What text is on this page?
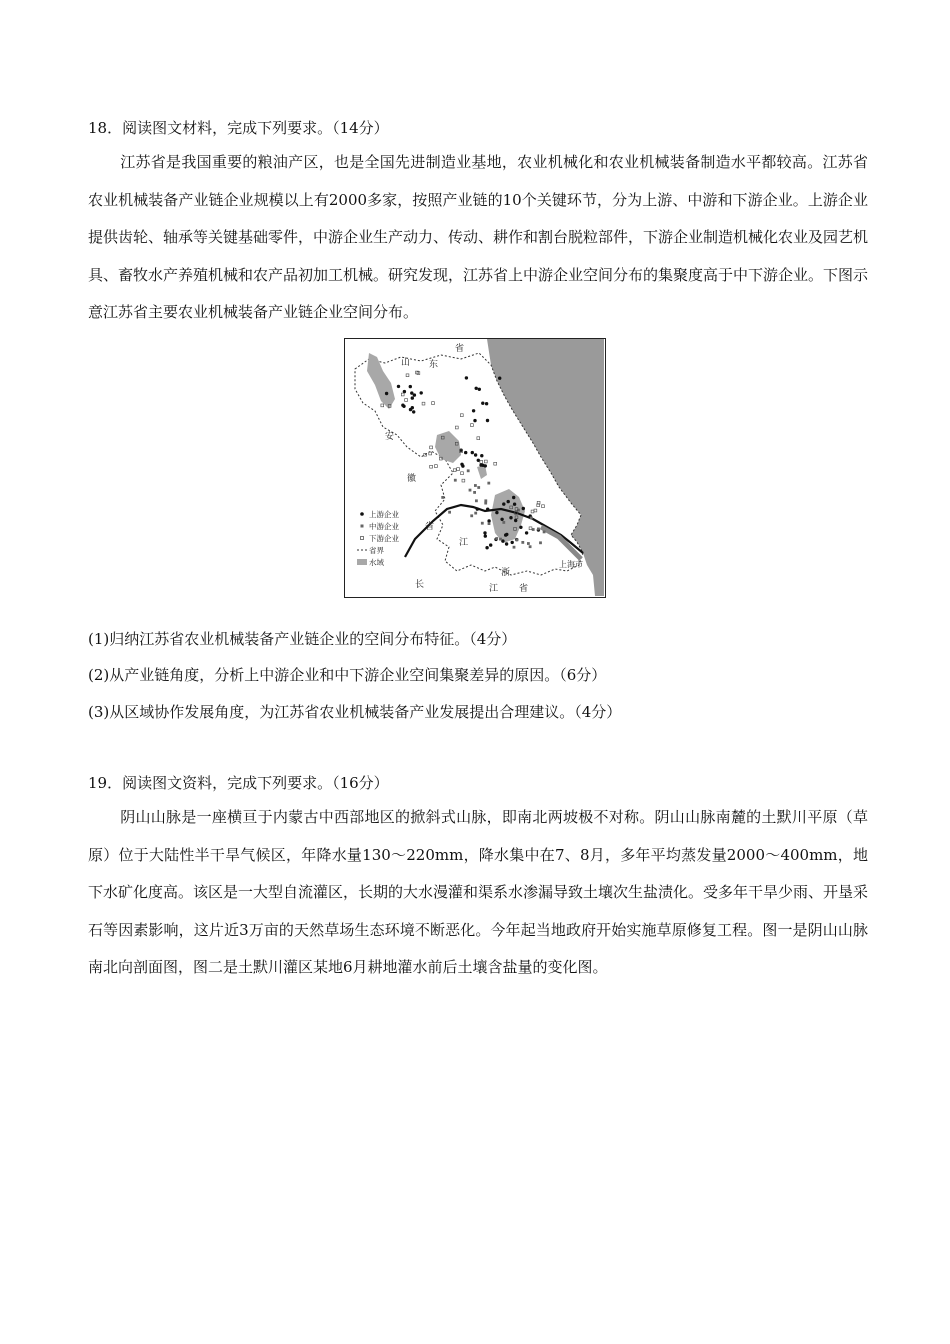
18．阅读图文材料，完成下列要求。（14分）

江苏省是我国重要的粮油产区，也是全国先进制造业基地，农业机械化和农业机械装备制造水平都较高。江苏省农业机械装备产业链企业规模以上有2000多家，按照产业链的10个关键环节，分为上游、中游和下游企业。上游企业提供齿轮、轴承等关键基础零件，中游企业生产动力、传动、耕作和割台脱粒部件，下游企业制造机械化农业及园艺机具、畜牧水产养殖机械和农产品初加工机械。研究发现，江苏省上中游企业空间分布的集聚度高于中下游企业。下图示意江苏省主要农业机械装备产业链企业空间分布。

山 东
省
安
徽
省
江
长
浙
江 省
上海市
上游企业
中游企业
下游企业
省界
水域
(1)归纳江苏省农业机械装备产业链企业的空间分布特征。（4分）
(2)从产业链角度，分析上中游企业和中下游企业空间集聚差异的原因。（6分）
(3)从区域协作发展角度，为江苏省农业机械装备产业发展提出合理建议。（4分）
19．阅读图文资料，完成下列要求。（16分）

阴山山脉是一座横亘于内蒙古中西部地区的掀斜式山脉，即南北两坡极不对称。阴山山脉南麓的土默川平原（草原）位于大陆性半干旱气候区，年降水量130～220mm，降水集中在7、8月，多年平均蒸发量2000～400mm，地下水矿化度高。该区是一大型自流灌区，长期的大水漫灌和渠系水渗漏导致土壤次生盐渍化。受多年干旱少雨、开垦采石等因素影响，这片近3万亩的天然草场生态环境不断恶化。今年起当地政府开始实施草原修复工程。图一是阴山山脉南北向剖面图，图二是土默川灌区某地6月耕地灌水前后土壤含盐量的变化图。
